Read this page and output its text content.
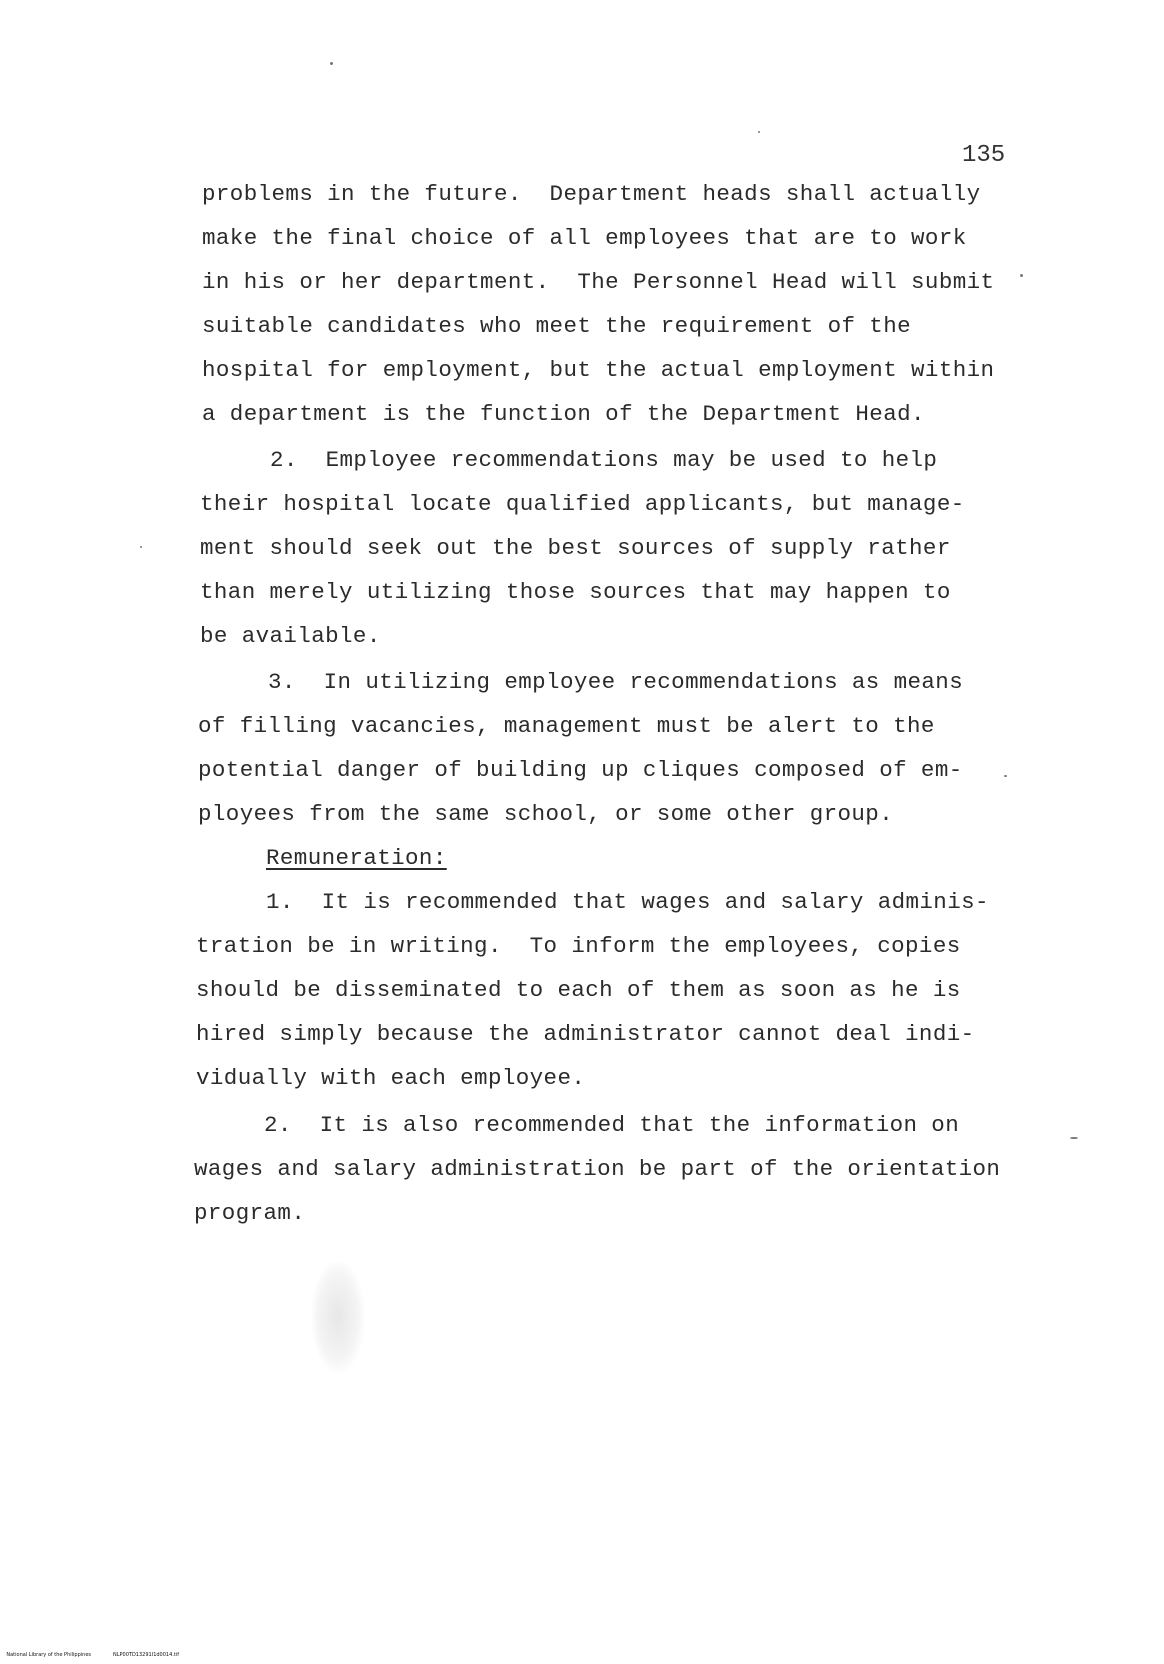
135
problems in the future.  Department heads shall actually
make the final choice of all employees that are to work
in his or her department.  The Personnel Head will submit
suitable candidates who meet the requirement of the
hospital for employment, but the actual employment within
a department is the function of the Department Head.
2.  Employee recommendations may be used to help
their hospital locate qualified applicants, but manage-
ment should seek out the best sources of supply rather
than merely utilizing those sources that may happen to
be available.
3.  In utilizing employee recommendations as means
of filling vacancies, management must be alert to the
potential danger of building up cliques composed of em-
ployees from the same school, or some other group.
Remuneration:
1.  It is recommended that wages and salary adminis-
tration be in writing.  To inform the employees, copies
should be disseminated to each of them as soon as he is
hired simply because the administrator cannot deal indi-
vidually with each employee.
2.  It is also recommended that the information on
wages and salary administration be part of the orientation
program.

National Library of the Philippines	NLP00TD13291I1d0014.tif
